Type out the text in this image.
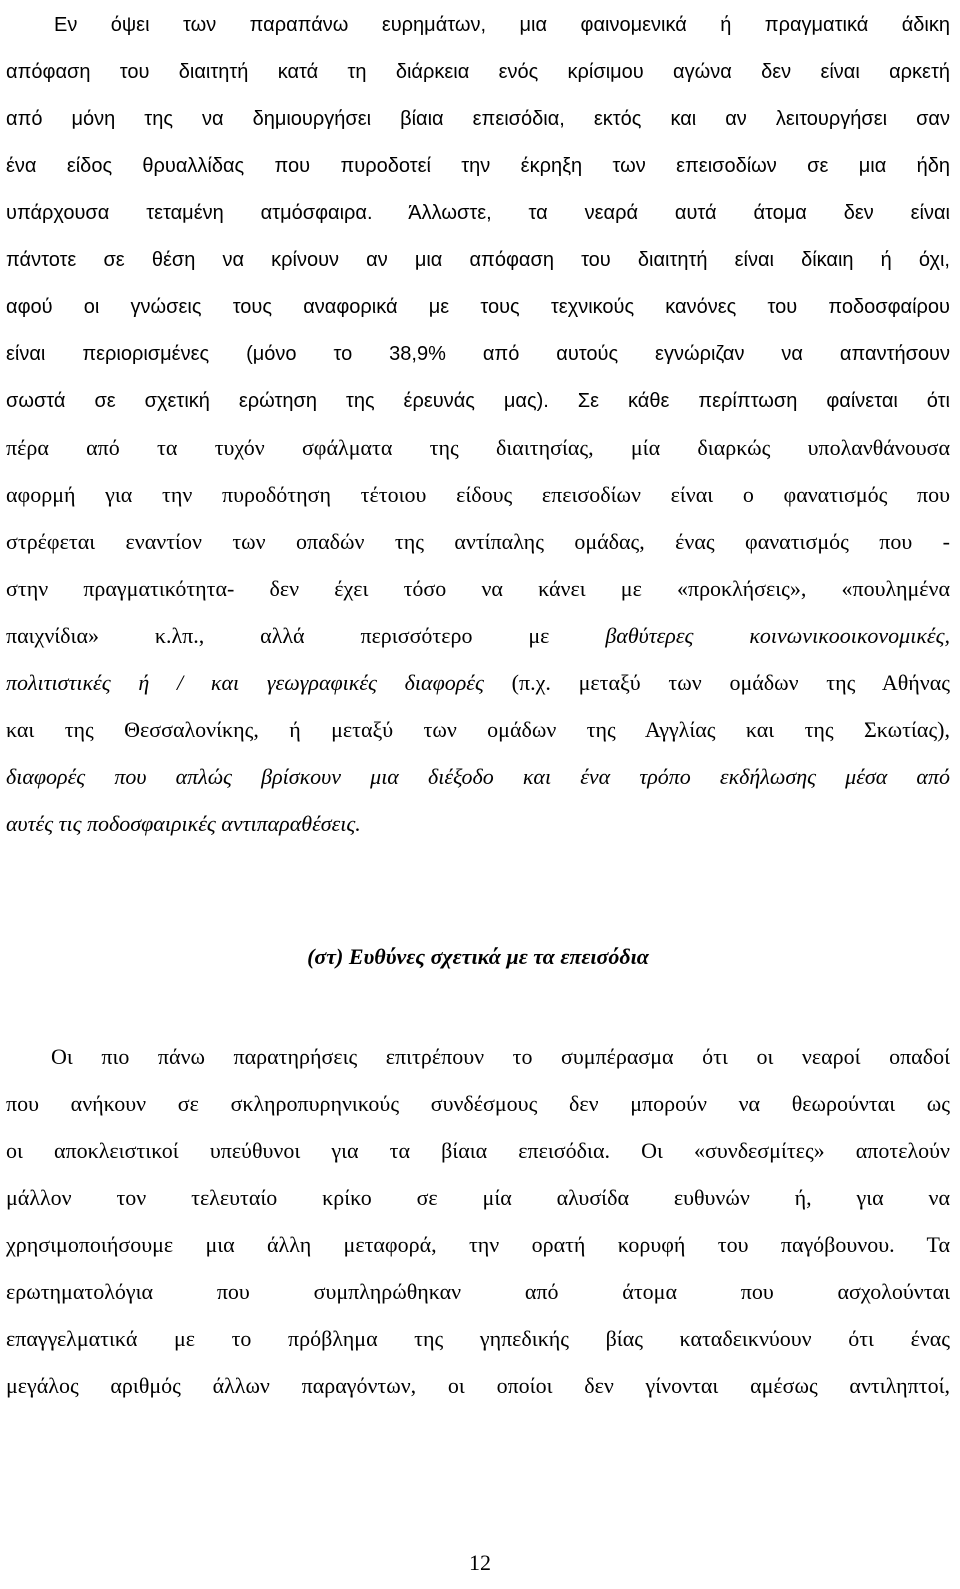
Εν όψει των παραπάνω ευρημάτων, μια φαινομενικά ή πραγματικά άδικη
απόφαση του διαιτητή κατά τη διάρκεια ενός κρίσιμου αγώνα δεν είναι αρκετή
από μόνη της να δημιουργήσει βίαια επεισόδια, εκτός και αν λειτουργήσει σαν
ένα είδος θρυαλλίδας που πυροδοτεί την έκρηξη των επεισοδίων σε μια ήδη
υπάρχουσα τεταμένη ατμόσφαιρα. Άλλωστε, τα νεαρά αυτά άτομα δεν είναι
πάντοτε σε θέση να κρίνουν αν μια απόφαση του διαιτητή είναι δίκαιη ή όχι,
αφού οι γνώσεις τους αναφορικά με τους τεχνικούς κανόνες του ποδοσφαίρου
είναι περιορισμένες (μόνο το 38,9% από αυτούς εγνώριζαν να απαντήσουν
σωστά σε σχετική ερώτηση της έρευνάς μας). Σε κάθε περίπτωση φαίνεται ότι
πέρα από τα τυχόν σφάλματα της διαιτησίας, μία διαρκώς υπολανθάνουσα
αφορμή για την πυροδότηση τέτοιου είδους επεισοδίων είναι ο φανατισμός που
στρέφεται εναντίον των οπαδών της αντίπαλης ομάδας, ένας φανατισμός που -
στην πραγματικότητα- δεν έχει τόσο να κάνει με «προκλήσεις», «πουλημένα
παιχνίδια» κ.λπ., αλλά περισσότερο με βαθύτερες κοινωνικοοικονομικές,
πολιτιστικές ή / και γεωγραφικές διαφορές (π.χ. μεταξύ των ομάδων της Αθήνας
και της Θεσσαλονίκης, ή μεταξύ των ομάδων της Αγγλίας και της Σκωτίας),
διαφορές που απλώς βρίσκουν μια διέξοδο και ένα τρόπο εκδήλωσης μέσα από
αυτές τις ποδοσφαιρικές αντιπαραθέσεις.
(στ) Ευθύνες σχετικά με τα επεισόδια
Οι πιο πάνω παρατηρήσεις επιτρέπουν το συμπέρασμα ότι οι νεαροί οπαδοί
που ανήκουν σε σκληροπυρηνικούς συνδέσμους δεν μπορούν να θεωρούνται ως
οι αποκλειστικοί υπεύθυνοι για τα βίαια επεισόδια. Οι «συνδεσμίτες» αποτελούν
μάλλον τον τελευταίο κρίκο σε μία αλυσίδα ευθυνών ή, για να
χρησιμοποιήσουμε μια άλλη μεταφορά, την ορατή κορυφή του παγόβουνου. Τα
ερωτηματολόγια που συμπληρώθηκαν από άτομα που ασχολούνται
επαγγελματικά με το πρόβλημα της γηπεδικής βίας καταδεικνύουν ότι ένας
μεγάλος αριθμός άλλων παραγόντων, οι οποίοι δεν γίνονται αμέσως αντιληπτοί,
12
